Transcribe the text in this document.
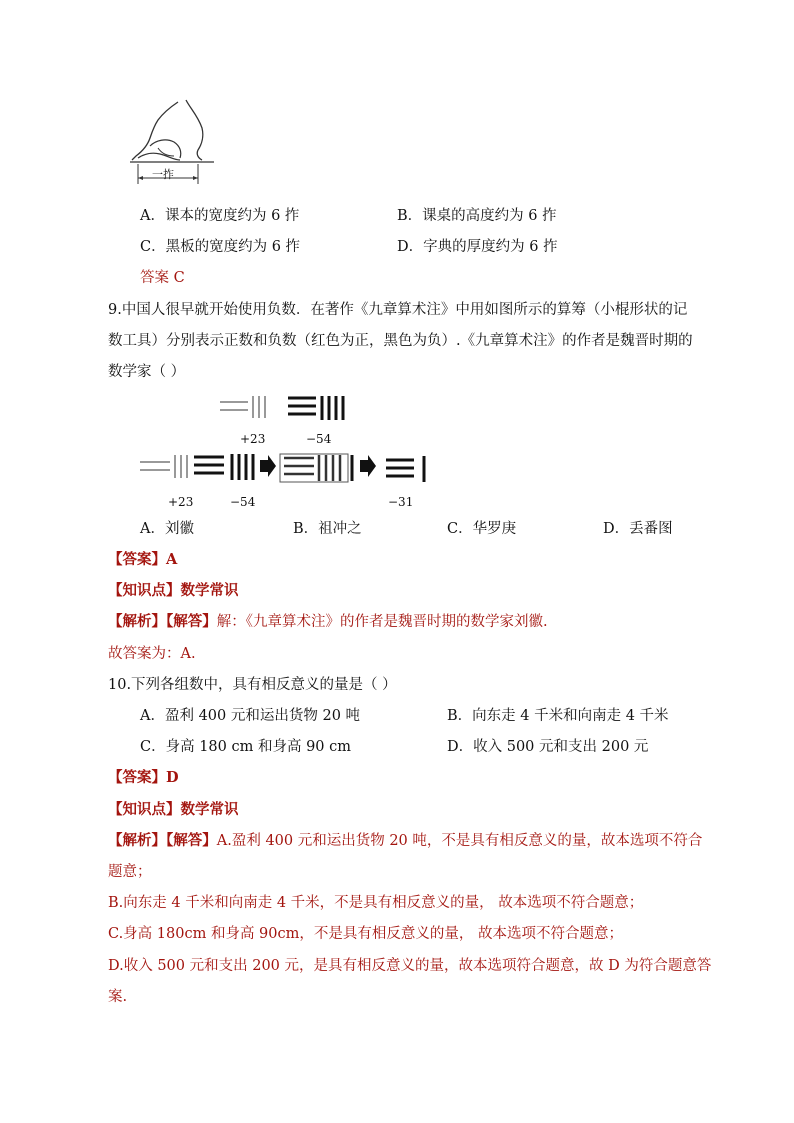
一拃
A．课本的宽度约为 6 拃	B．课桌的高度约为 6 拃
C．黑板的宽度约为 6 拃	D．字典的厚度约为 6 拃
答案 C
9.中国人很早就开始使用负数．在著作《九章算术注》中用如图所示的算筹（小棍形状的记
数工具）分别表示正数和负数（红色为正，黑色为负）.《九章算术注》的作者是魏晋时期的
数学家（ ）
+23	−54
+23	−54	−31
A．刘徽	B．祖冲之	C．华罗庚	D．丢番图
【答案】A
【知识点】数学常识
【解析】【解答】解：《九章算术注》的作者是魏晋时期的数学家刘徽.
故答案为：A.
10.下列各组数中，具有相反意义的量是（ ）
A．盈利 400 元和运出货物 20 吨	B．向东走 4 千米和向南走 4 千米
C．身高 180 cm 和身高 90 cm	D．收入 500 元和支出 200 元
【答案】D
【知识点】数学常识
【解析】【解答】A.盈利 400 元和运出货物 20 吨，不是具有相反意义的量，故本选项不符合
题意；
B.向东走 4 千米和向南走 4 千米，不是具有相反意义的量， 故本选项不符合题意；
C.身高 180cm 和身高 90cm，不是具有相反意义的量， 故本选项不符合题意；
D.收入 500 元和支出 200 元，是具有相反意义的量，故本选项符合题意，故 D 为符合题意答
案.
